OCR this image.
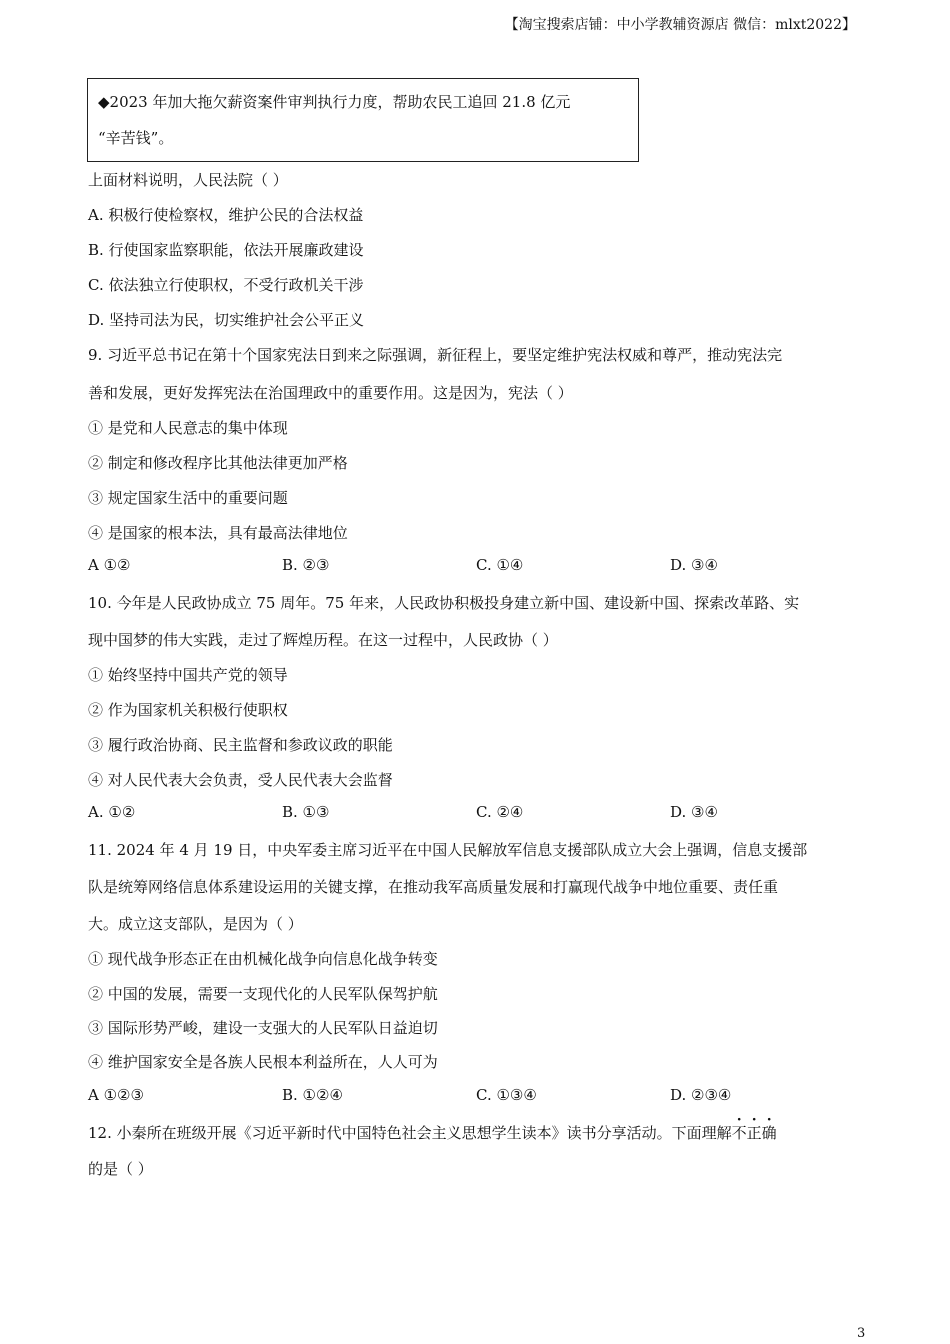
【淘宝搜索店铺：中小学教辅资源店 微信：mlxt2022】
◆2023 年加大拖欠薪资案件审判执行力度，帮助农民工追回 21.8 亿元
“辛苦钱”。
上面材料说明，人民法院（ ）
A. 积极行使检察权，维护公民的合法权益
B. 行使国家监察职能，依法开展廉政建设
C. 依法独立行使职权，不受行政机关干涉
D. 坚持司法为民，切实维护社会公平正义
9. 习近平总书记在第十个国家宪法日到来之际强调，新征程上，要坚定维护宪法权威和尊严，推动宪法完
善和发展，更好发挥宪法在治国理政中的重要作用。这是因为，宪法（ ）
① 是党和人民意志的集中体现
② 制定和修改程序比其他法律更加严格
③ 规定国家生活中的重要问题
④ 是国家的根本法，具有最高法律地位
A ①②	B. ②③	C. ①④	D. ③④
10. 今年是人民政协成立 75 周年。75 年来，人民政协积极投身建立新中国、建设新中国、探索改革路、实
现中国梦的伟大实践，走过了辉煌历程。在这一过程中，人民政协（ ）
① 始终坚持中国共产党的领导
② 作为国家机关积极行使职权
③ 履行政治协商、民主监督和参政议政的职能
④ 对人民代表大会负责，受人民代表大会监督
A. ①②	B. ①③	C. ②④	D. ③④
11. 2024 年 4 月 19 日，中央军委主席习近平在中国人民解放军信息支援部队成立大会上强调，信息支援部
队是统筹网络信息体系建设运用的关键支撑，在推动我军高质量发展和打赢现代战争中地位重要、责任重
大。成立这支部队，是因为（ ）
① 现代战争形态正在由机械化战争向信息化战争转变
② 中国的发展，需要一支现代化的人民军队保驾护航
③ 国际形势严峻，建设一支强大的人民军队日益迫切
④ 维护国家安全是各族人民根本利益所在，人人可为
A ①②③	B. ①②④	C. ①③④	D. ②③④
12. 小秦所在班级开展《习近平新时代中国特色社会主义思想学生读本》读书分享活动。下面理解
· · ·
不正确
的是（ ）
3
